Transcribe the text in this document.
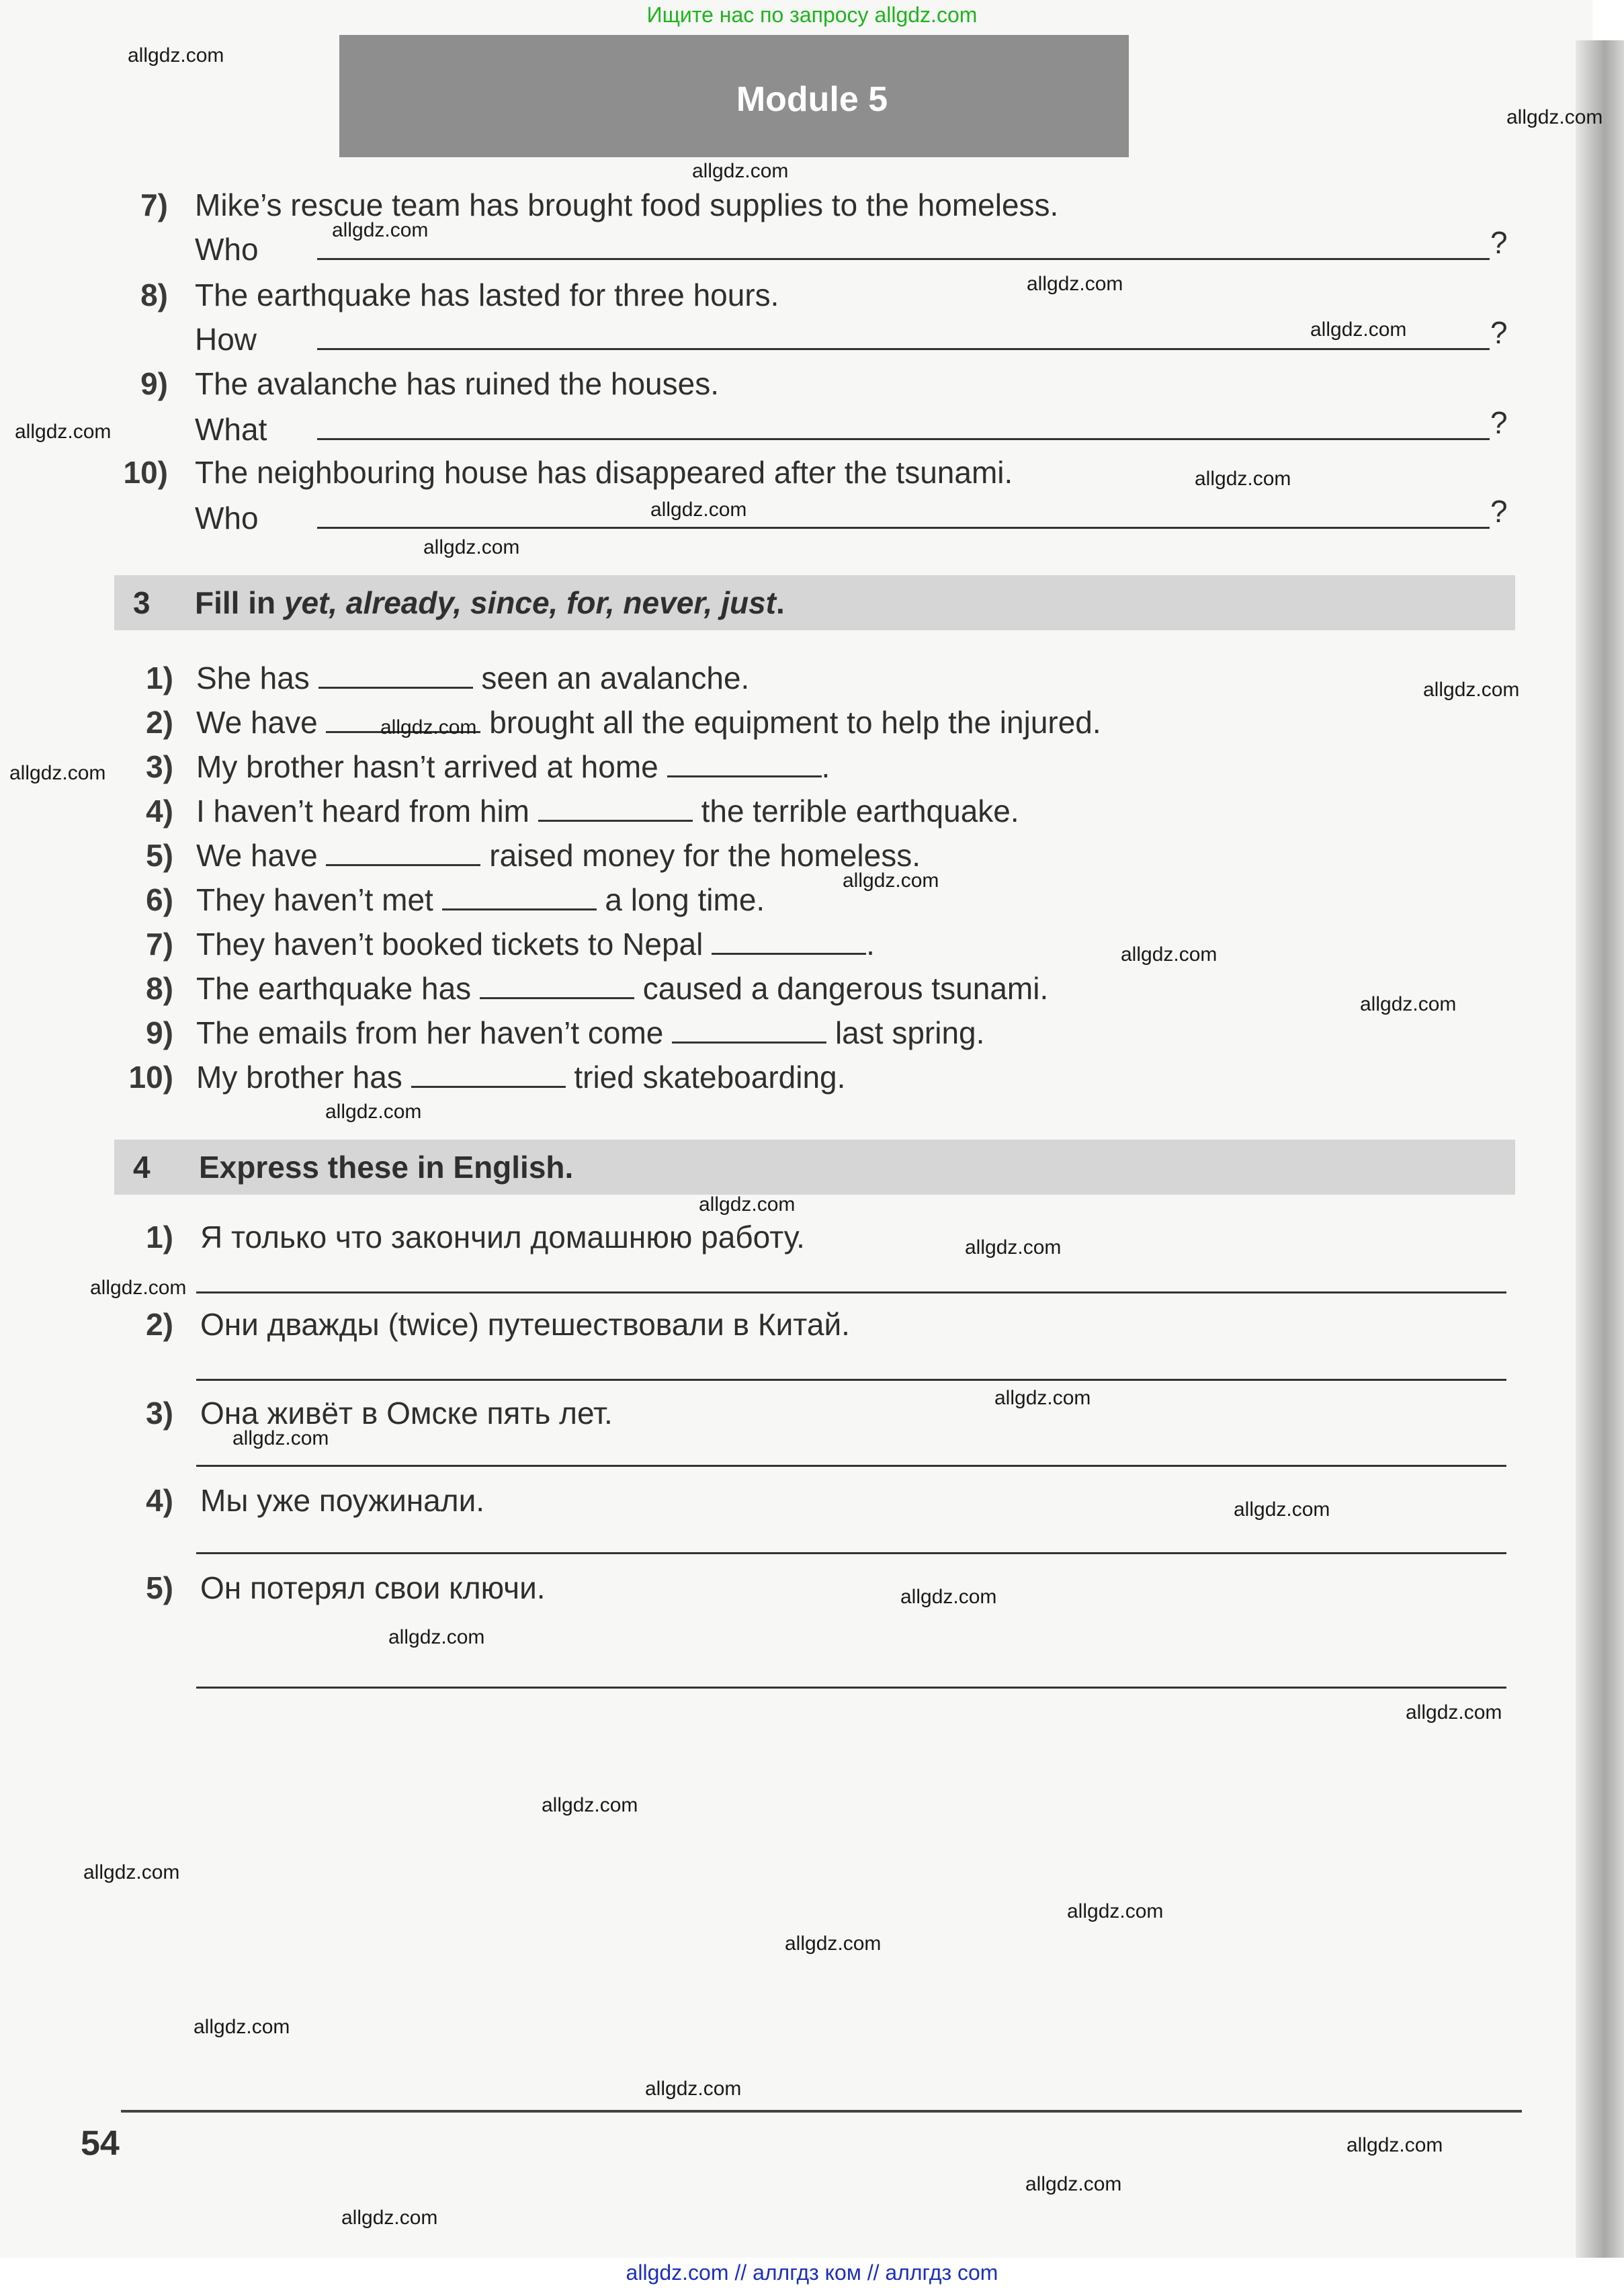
Ищите нас по запросу allgdz.com
Module 5
7) Mike’s rescue team has brought food supplies to the homeless.
Who	?
8) The earthquake has lasted for three hours.
How	?
9) The avalanche has ruined the houses.
What	?
10) The neighbouring house has disappeared after the tsunami.
Who	?
3 Fill in yet, already, since, for, never, just.
1) She has	seen an avalanche.
2) We have	brought all the equipment to help the injured.
3) My brother hasn’t arrived at home	.
4) I haven’t heard from him	the terrible earthquake.
5) We have	raised money for the homeless.
6) They haven’t met	a long time.
7) They haven’t booked tickets to Nepal	.
8) The earthquake has	caused a dangerous tsunami.
9) The emails from her haven’t come	last spring.
10) My brother has	tried skateboarding.
4 Express these in English.
1) Я только что закончил домашнюю работу.
2) Они дважды (twice) путешествовали в Китай.
3) Она живёт в Омске пять лет.
4) Мы уже поужинали.
5) Он потерял свои ключи.
54
allgdz.com
allgdz.com
allgdz.com
allgdz.com
allgdz.com
allgdz.com
allgdz.com
allgdz.com
allgdz.com
allgdz.com
allgdz.com
allgdz.com
allgdz.com
allgdz.com
allgdz.com
allgdz.com
allgdz.com
allgdz.com
allgdz.com
allgdz.com
allgdz.com
allgdz.com
allgdz.com
allgdz.com
allgdz.com
allgdz.com
allgdz.com
allgdz.com
allgdz.com
allgdz.com
allgdz.com
allgdz.com
allgdz.com
allgdz.com
allgdz.com
allgdz.com // аллгдз ком // аллгдз com
